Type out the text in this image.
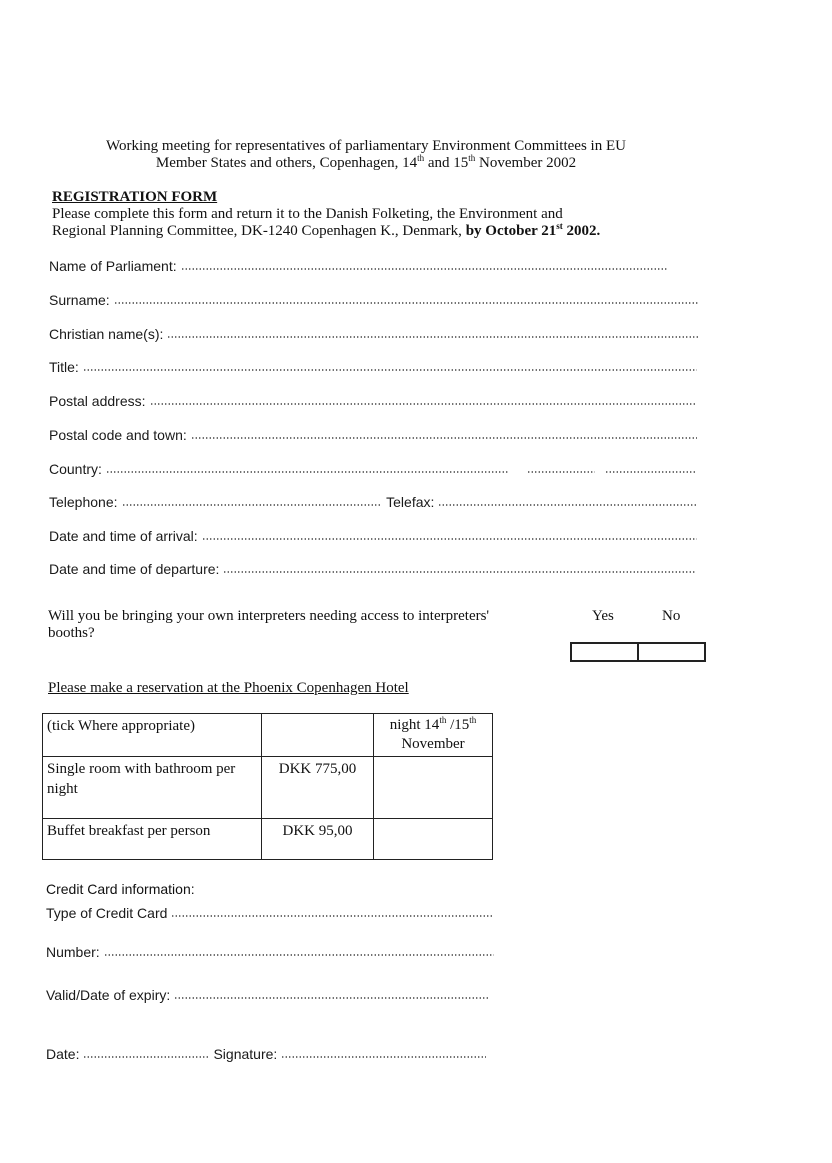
Working meeting for representatives of parliamentary Environment Committees in EU
Member States and others, Copenhagen, 14th and 15th November 2002
REGISTRATION FORM
Please complete this form and return it to the Danish Folketing, the Environment and
Regional Planning Committee, DK-1240 Copenhagen K., Denmark, by October 21st 2002.
Name of Parliament:
Surname:
Christian name(s):
Title:
Postal address:
Postal code and town:
Country:
Telephone:	Telefax:
Date and time of arrival:
Date and time of departure:
Will you be bringing your own interpreters needing access to interpreters'
booths?
Yes	No
Please make a reservation at the Phoenix Copenhagen Hotel
(tick Where appropriate)		night 14th /15th
November
Single room with bathroom per night	DKK 775,00	
Buffet breakfast per person	DKK 95,00	
Credit Card information:
Type of Credit Card
Number:
Valid/Date of expiry:
Date:	Signature:
